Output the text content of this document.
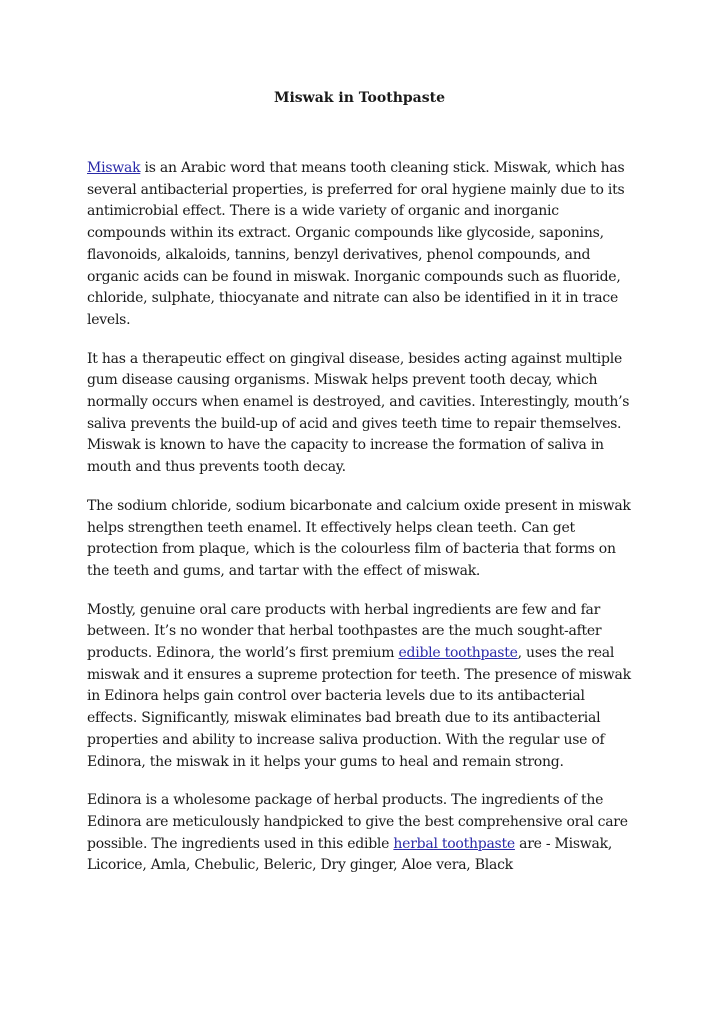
Miswak in Toothpaste

Miswak is an Arabic word that means tooth cleaning stick. Miswak, which has several antibacterial properties, is preferred for oral hygiene mainly due to its antimicrobial effect. There is a wide variety of organic and inorganic compounds within its extract. Organic compounds like glycoside, saponins, flavonoids, alkaloids, tannins, benzyl derivatives, phenol compounds, and organic acids can be found in miswak. Inorganic compounds such as fluoride, chloride, sulphate, thiocyanate and nitrate can also be identified in it in trace levels.

It has a therapeutic effect on gingival disease, besides acting against multiple gum disease causing organisms. Miswak helps prevent tooth decay, which normally occurs when enamel is destroyed, and cavities. Interestingly, mouth’s saliva prevents the build-up of acid and gives teeth time to repair themselves. Miswak is known to have the capacity to increase the formation of saliva in mouth and thus prevents tooth decay.

The sodium chloride, sodium bicarbonate and calcium oxide present in miswak helps strengthen teeth enamel. It effectively helps clean teeth. Can get protection from plaque, which is the colourless film of bacteria that forms on the teeth and gums, and tartar with the effect of miswak.

Mostly, genuine oral care products with herbal ingredients are few and far between. It’s no wonder that herbal toothpastes are the much sought-after products. Edinora, the world’s first premium edible toothpaste, uses the real miswak and it ensures a supreme protection for teeth. The presence of miswak in Edinora helps gain control over bacteria levels due to its antibacterial effects. Significantly, miswak eliminates bad breath due to its antibacterial properties and ability to increase saliva production. With the regular use of Edinora, the miswak in it helps your gums to heal and remain strong.

Edinora is a wholesome package of herbal products. The ingredients of the Edinora are meticulously handpicked to give the best comprehensive oral care possible. The ingredients used in this edible herbal toothpaste are - Miswak, Licorice, Amla, Chebulic, Beleric, Dry ginger, Aloe vera, Black
